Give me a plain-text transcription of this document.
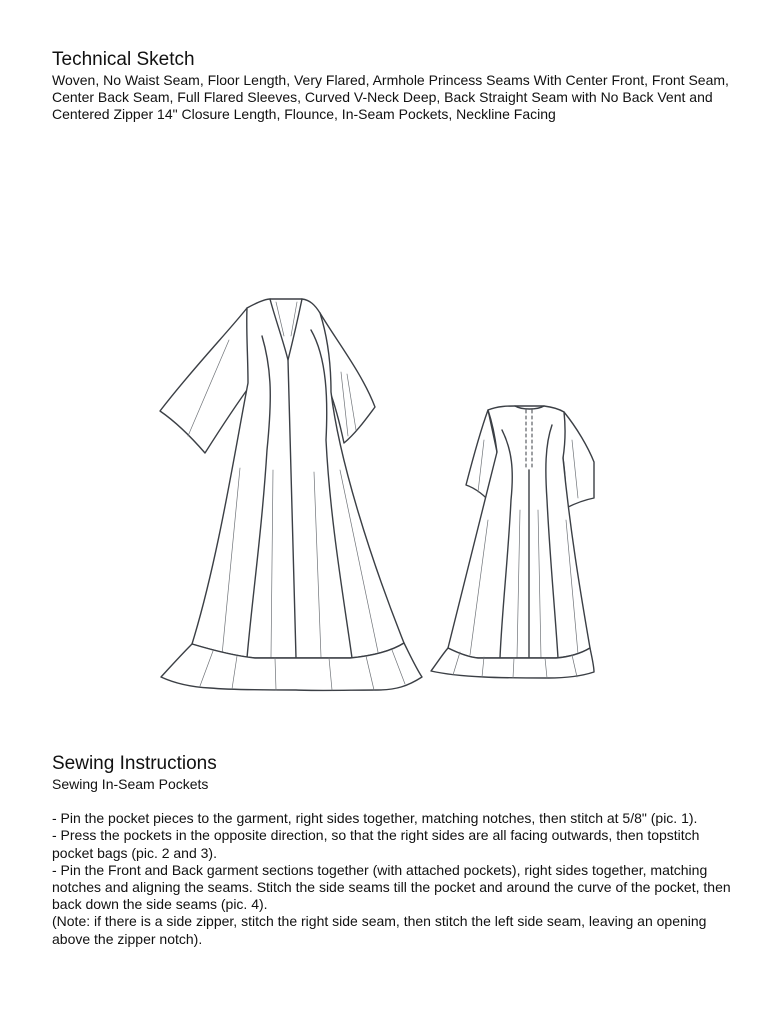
Technical Sketch

Woven, No Waist Seam, Floor Length, Very Flared, Armhole Princess Seams With Center Front, Front Seam, Center Back Seam, Full Flared Sleeves, Curved V-Neck Deep, Back Straight Seam with No Back Vent and Centered Zipper 14" Closure Length, Flounce, In-Seam Pockets, Neckline Facing

Sewing Instructions

Sewing In-Seam Pockets

- Pin the pocket pieces to the garment, right sides together, matching notches, then stitch at 5/8" (pic. 1).

- Press the pockets in the opposite direction, so that the right sides are all facing outwards, then topstitch pocket bags (pic. 2 and 3).

- Pin the Front and Back garment sections together (with attached pockets), right sides together, matching notches and aligning the seams. Stitch the side seams till the pocket and around the curve of the pocket, then back down the side seams (pic. 4).

(Note: if there is a side zipper, stitch the right side seam, then stitch the left side seam, leaving an opening above the zipper notch).
